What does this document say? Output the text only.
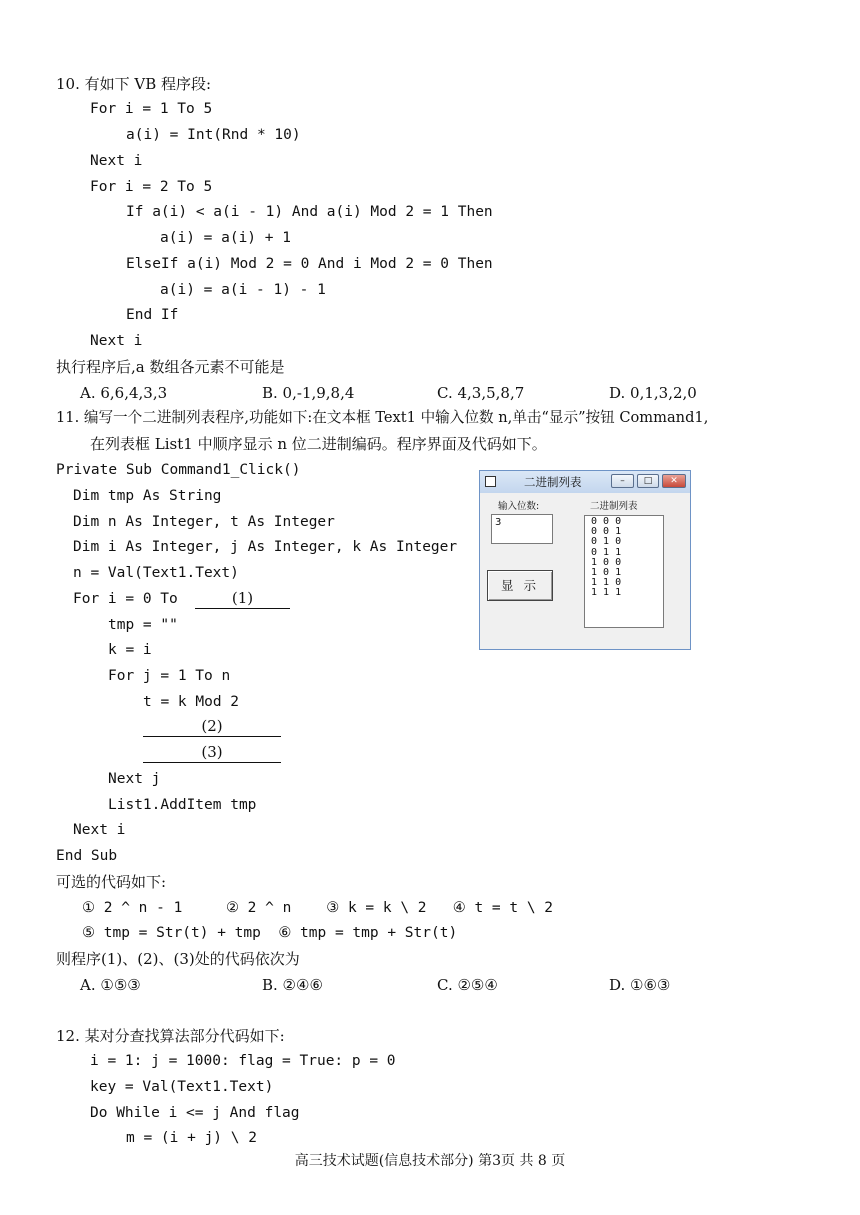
10. 有如下 VB 程序段:
For i = 1 To 5
a(i) = Int(Rnd * 10)
Next i
For i = 2 To 5
If a(i) < a(i - 1) And a(i) Mod 2 = 1 Then
a(i) = a(i) + 1
ElseIf a(i) Mod 2 = 0 And i Mod 2 = 0 Then
a(i) = a(i - 1) - 1
End If
Next i
执行程序后,a 数组各元素不可能是
A. 6,6,4,3,3	B. 0,-1,9,8,4	C. 4,3,5,8,7	D. 0,1,3,2,0
11. 编写一个二进制列表程序,功能如下:在文本框 Text1 中输入位数 n,单击“显示”按钮 Command1,
在列表框 List1 中顺序显示 n 位二进制编码。程序界面及代码如下。
Private Sub Command1_Click()
Dim tmp As String
Dim n As Integer, t As Integer
Dim i As Integer, j As Integer, k As Integer
n = Val(Text1.Text)
For i = 0 To	(1)
tmp = ""
k = i
For j = 1 To n
t = k Mod 2
(2)
(3)
Next j
List1.AddItem tmp
Next i
End Sub
可选的代码如下:
① 2 ^ n - 1     ② 2 ^ n    ③ k = k \ 2   ④ t = t \ 2
⑤ tmp = Str(t) + tmp  ⑥ tmp = tmp + Str(t)
则程序(1)、(2)、(3)处的代码依次为
A. ①⑤③	B. ②④⑥	C. ②⑤④	D. ①⑥③
二进制列表	–	□	✕
输入位数:	二进制列表
3
显 示
0 0 0
0 0 1
0 1 0
0 1 1
1 0 0
1 0 1
1 1 0
1 1 1
12. 某对分查找算法部分代码如下:
i = 1: j = 1000: flag = True: p = 0
key = Val(Text1.Text)
Do While i <= j And flag
m = (i + j) \ 2
高三技术试题(信息技术部分) 第3页 共 8 页
